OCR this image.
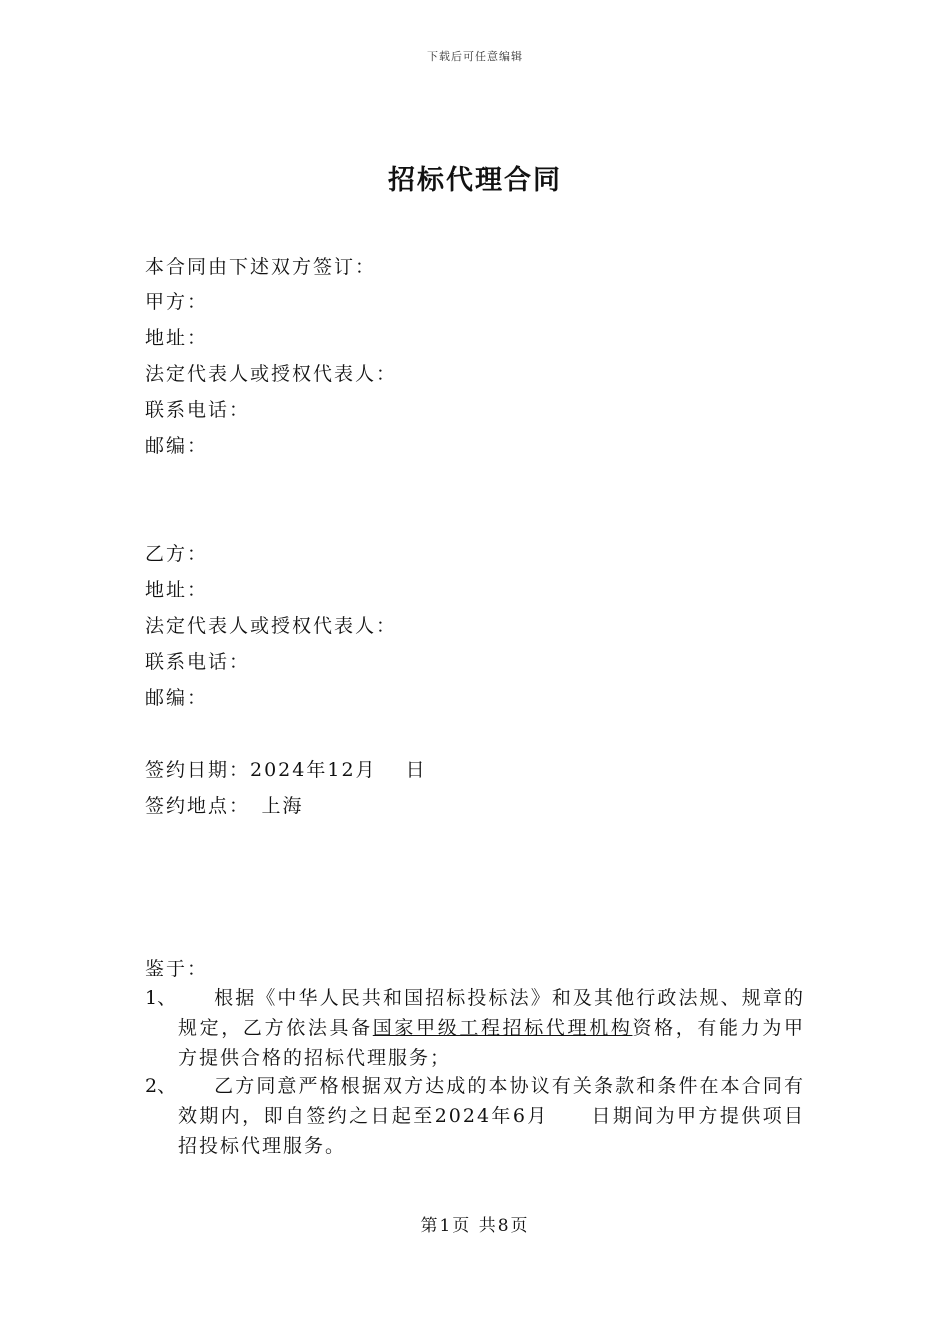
下载后可任意编辑
招标代理合同
本合同由下述双方签订：
甲方：
地址：
法定代表人或授权代表人：
联系电话：
邮编：
乙方：
地址：
法定代表人或授权代表人：
联系电话：
邮编：
签约日期：2024年12月　 日
签约地点：　上海
鉴于：
1、	根据《中华人民共和国招标投标法》和及其他行政法规、规章的规定，乙方依法具备国家甲级工程招标代理机构资格，有能力为甲方提供合格的招标代理服务；
2、	乙方同意严格根据双方达成的本协议有关条款和条件在本合同有效期内，即自签约之日起至2024年6月　　日期间为甲方提供项目招投标代理服务。
第1页 共8页
